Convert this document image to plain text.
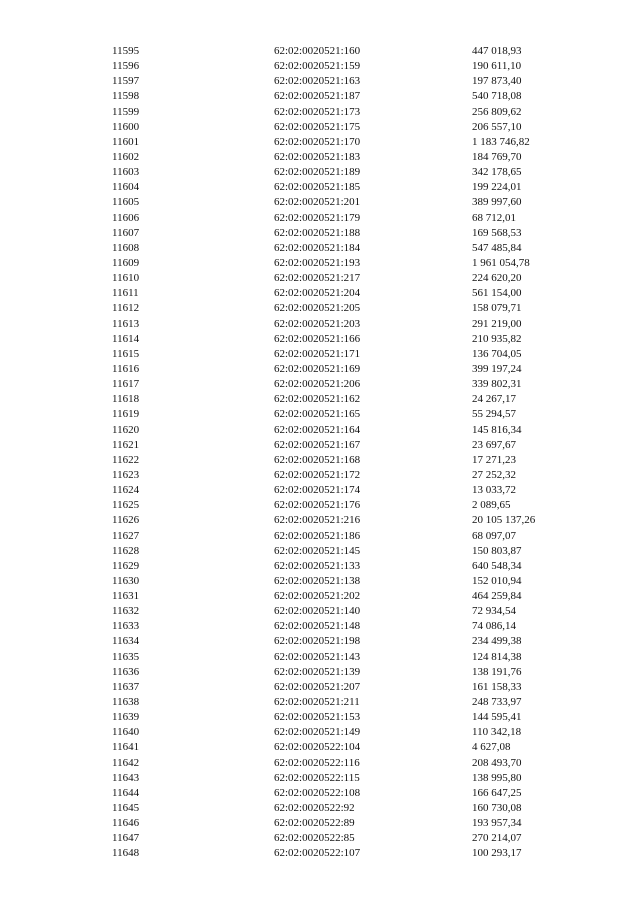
11595	62:02:0020521:160	447 018,93
11596	62:02:0020521:159	190 611,10
11597	62:02:0020521:163	197 873,40
11598	62:02:0020521:187	540 718,08
11599	62:02:0020521:173	256 809,62
11600	62:02:0020521:175	206 557,10
11601	62:02:0020521:170	1 183 746,82
11602	62:02:0020521:183	184 769,70
11603	62:02:0020521:189	342 178,65
11604	62:02:0020521:185	199 224,01
11605	62:02:0020521:201	389 997,60
11606	62:02:0020521:179	68 712,01
11607	62:02:0020521:188	169 568,53
11608	62:02:0020521:184	547 485,84
11609	62:02:0020521:193	1 961 054,78
11610	62:02:0020521:217	224 620,20
11611	62:02:0020521:204	561 154,00
11612	62:02:0020521:205	158 079,71
11613	62:02:0020521:203	291 219,00
11614	62:02:0020521:166	210 935,82
11615	62:02:0020521:171	136 704,05
11616	62:02:0020521:169	399 197,24
11617	62:02:0020521:206	339 802,31
11618	62:02:0020521:162	24 267,17
11619	62:02:0020521:165	55 294,57
11620	62:02:0020521:164	145 816,34
11621	62:02:0020521:167	23 697,67
11622	62:02:0020521:168	17 271,23
11623	62:02:0020521:172	27 252,32
11624	62:02:0020521:174	13 033,72
11625	62:02:0020521:176	2 089,65
11626	62:02:0020521:216	20 105 137,26
11627	62:02:0020521:186	68 097,07
11628	62:02:0020521:145	150 803,87
11629	62:02:0020521:133	640 548,34
11630	62:02:0020521:138	152 010,94
11631	62:02:0020521:202	464 259,84
11632	62:02:0020521:140	72 934,54
11633	62:02:0020521:148	74 086,14
11634	62:02:0020521:198	234 499,38
11635	62:02:0020521:143	124 814,38
11636	62:02:0020521:139	138 191,76
11637	62:02:0020521:207	161 158,33
11638	62:02:0020521:211	248 733,97
11639	62:02:0020521:153	144 595,41
11640	62:02:0020521:149	110 342,18
11641	62:02:0020522:104	4 627,08
11642	62:02:0020522:116	208 493,70
11643	62:02:0020522:115	138 995,80
11644	62:02:0020522:108	166 647,25
11645	62:02:0020522:92	160 730,08
11646	62:02:0020522:89	193 957,34
11647	62:02:0020522:85	270 214,07
11648	62:02:0020522:107	100 293,17
